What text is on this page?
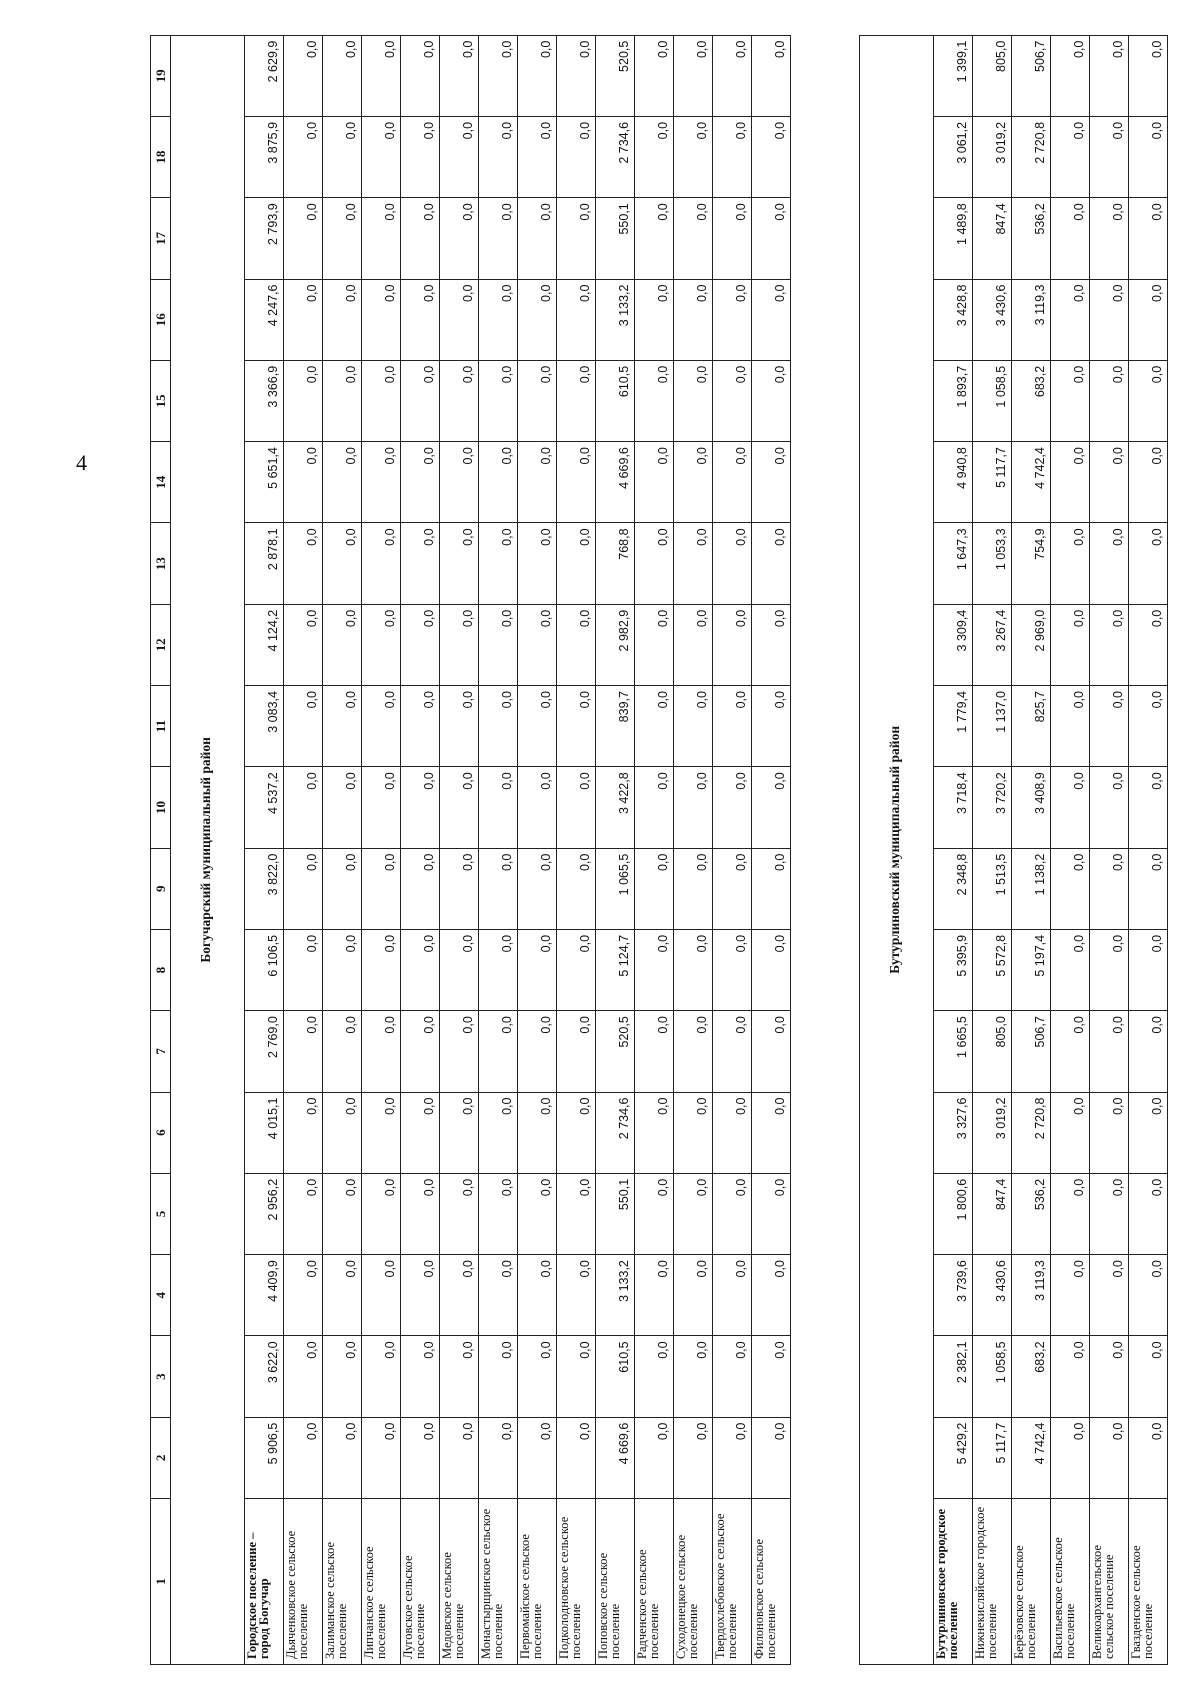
4
1	2	3	4	5	6	7	8	9	10	11	12	13	14	15	16	17	18	19
Богучарский муниципальный район																		
Городское поселение – город Богучар	5 906,5	3 622,0	4 409,9	2 956,2	4 015,1	2 769,0	6 106,5	3 822,0	4 537,2	3 083,4	4 124,2	2 878,1	5 651,4	3 366,9	4 247,6	2 793,9	3 875,9	2 629,9
Дьяченковское сельское поселение	0,0	0,0	0,0	0,0	0,0	0,0	0,0	0,0	0,0	0,0	0,0	0,0	0,0	0,0	0,0	0,0	0,0	0,0
Залиманское сельское поселение	0,0	0,0	0,0	0,0	0,0	0,0	0,0	0,0	0,0	0,0	0,0	0,0	0,0	0,0	0,0	0,0	0,0	0,0
Липчанское сельское поселение	0,0	0,0	0,0	0,0	0,0	0,0	0,0	0,0	0,0	0,0	0,0	0,0	0,0	0,0	0,0	0,0	0,0	0,0
Луговское сельское поселение	0,0	0,0	0,0	0,0	0,0	0,0	0,0	0,0	0,0	0,0	0,0	0,0	0,0	0,0	0,0	0,0	0,0	0,0
Медовское сельское поселение	0,0	0,0	0,0	0,0	0,0	0,0	0,0	0,0	0,0	0,0	0,0	0,0	0,0	0,0	0,0	0,0	0,0	0,0
Монастырщинское сельское поселение	0,0	0,0	0,0	0,0	0,0	0,0	0,0	0,0	0,0	0,0	0,0	0,0	0,0	0,0	0,0	0,0	0,0	0,0
Первомайское сельское поселение	0,0	0,0	0,0	0,0	0,0	0,0	0,0	0,0	0,0	0,0	0,0	0,0	0,0	0,0	0,0	0,0	0,0	0,0
Подколодновское сельское поселение	0,0	0,0	0,0	0,0	0,0	0,0	0,0	0,0	0,0	0,0	0,0	0,0	0,0	0,0	0,0	0,0	0,0	0,0
Поповское сельское поселение	4 669,6	610,5	3 133,2	550,1	2 734,6	520,5	5 124,7	1 065,5	3 422,8	839,7	2 982,9	768,8	4 669,6	610,5	3 133,2	550,1	2 734,6	520,5
Радченское сельское поселение	0,0	0,0	0,0	0,0	0,0	0,0	0,0	0,0	0,0	0,0	0,0	0,0	0,0	0,0	0,0	0,0	0,0	0,0
Суходонецкое сельское поселение	0,0	0,0	0,0	0,0	0,0	0,0	0,0	0,0	0,0	0,0	0,0	0,0	0,0	0,0	0,0	0,0	0,0	0,0
Твердохлебовское сельское поселение	0,0	0,0	0,0	0,0	0,0	0,0	0,0	0,0	0,0	0,0	0,0	0,0	0,0	0,0	0,0	0,0	0,0	0,0
Филоновское сельское поселение	0,0	0,0	0,0	0,0	0,0	0,0	0,0	0,0	0,0	0,0	0,0	0,0	0,0	0,0	0,0	0,0	0,0	0,0

Бутурлиновский муниципальный район																		
Бутурлиновское городское поселение	5 429,2	2 382,1	3 739,6	1 800,6	3 327,6	1 665,5	5 395,9	2 348,8	3 718,4	1 779,4	3 309,4	1 647,3	4 940,8	1 893,7	3 428,8	1 489,8	3 061,2	1 399,1
Нижнекисляйское городское поселение	5 117,7	1 058,5	3 430,6	847,4	3 019,2	805,0	5 572,8	1 513,5	3 720,2	1 137,0	3 267,4	1 053,3	5 117,7	1 058,5	3 430,6	847,4	3 019,2	805,0
Берёзовское сельское поселение	4 742,4	683,2	3 119,3	536,2	2 720,8	506,7	5 197,4	1 138,2	3 408,9	825,7	2 969,0	754,9	4 742,4	683,2	3 119,3	536,2	2 720,8	506,7
Васильевское сельское поселение	0,0	0,0	0,0	0,0	0,0	0,0	0,0	0,0	0,0	0,0	0,0	0,0	0,0	0,0	0,0	0,0	0,0	0,0
Великоархангельское сельское поселение	0,0	0,0	0,0	0,0	0,0	0,0	0,0	0,0	0,0	0,0	0,0	0,0	0,0	0,0	0,0	0,0	0,0	0,0
Гвазденское сельское поселение	0,0	0,0	0,0	0,0	0,0	0,0	0,0	0,0	0,0	0,0	0,0	0,0	0,0	0,0	0,0	0,0	0,0	0,0
